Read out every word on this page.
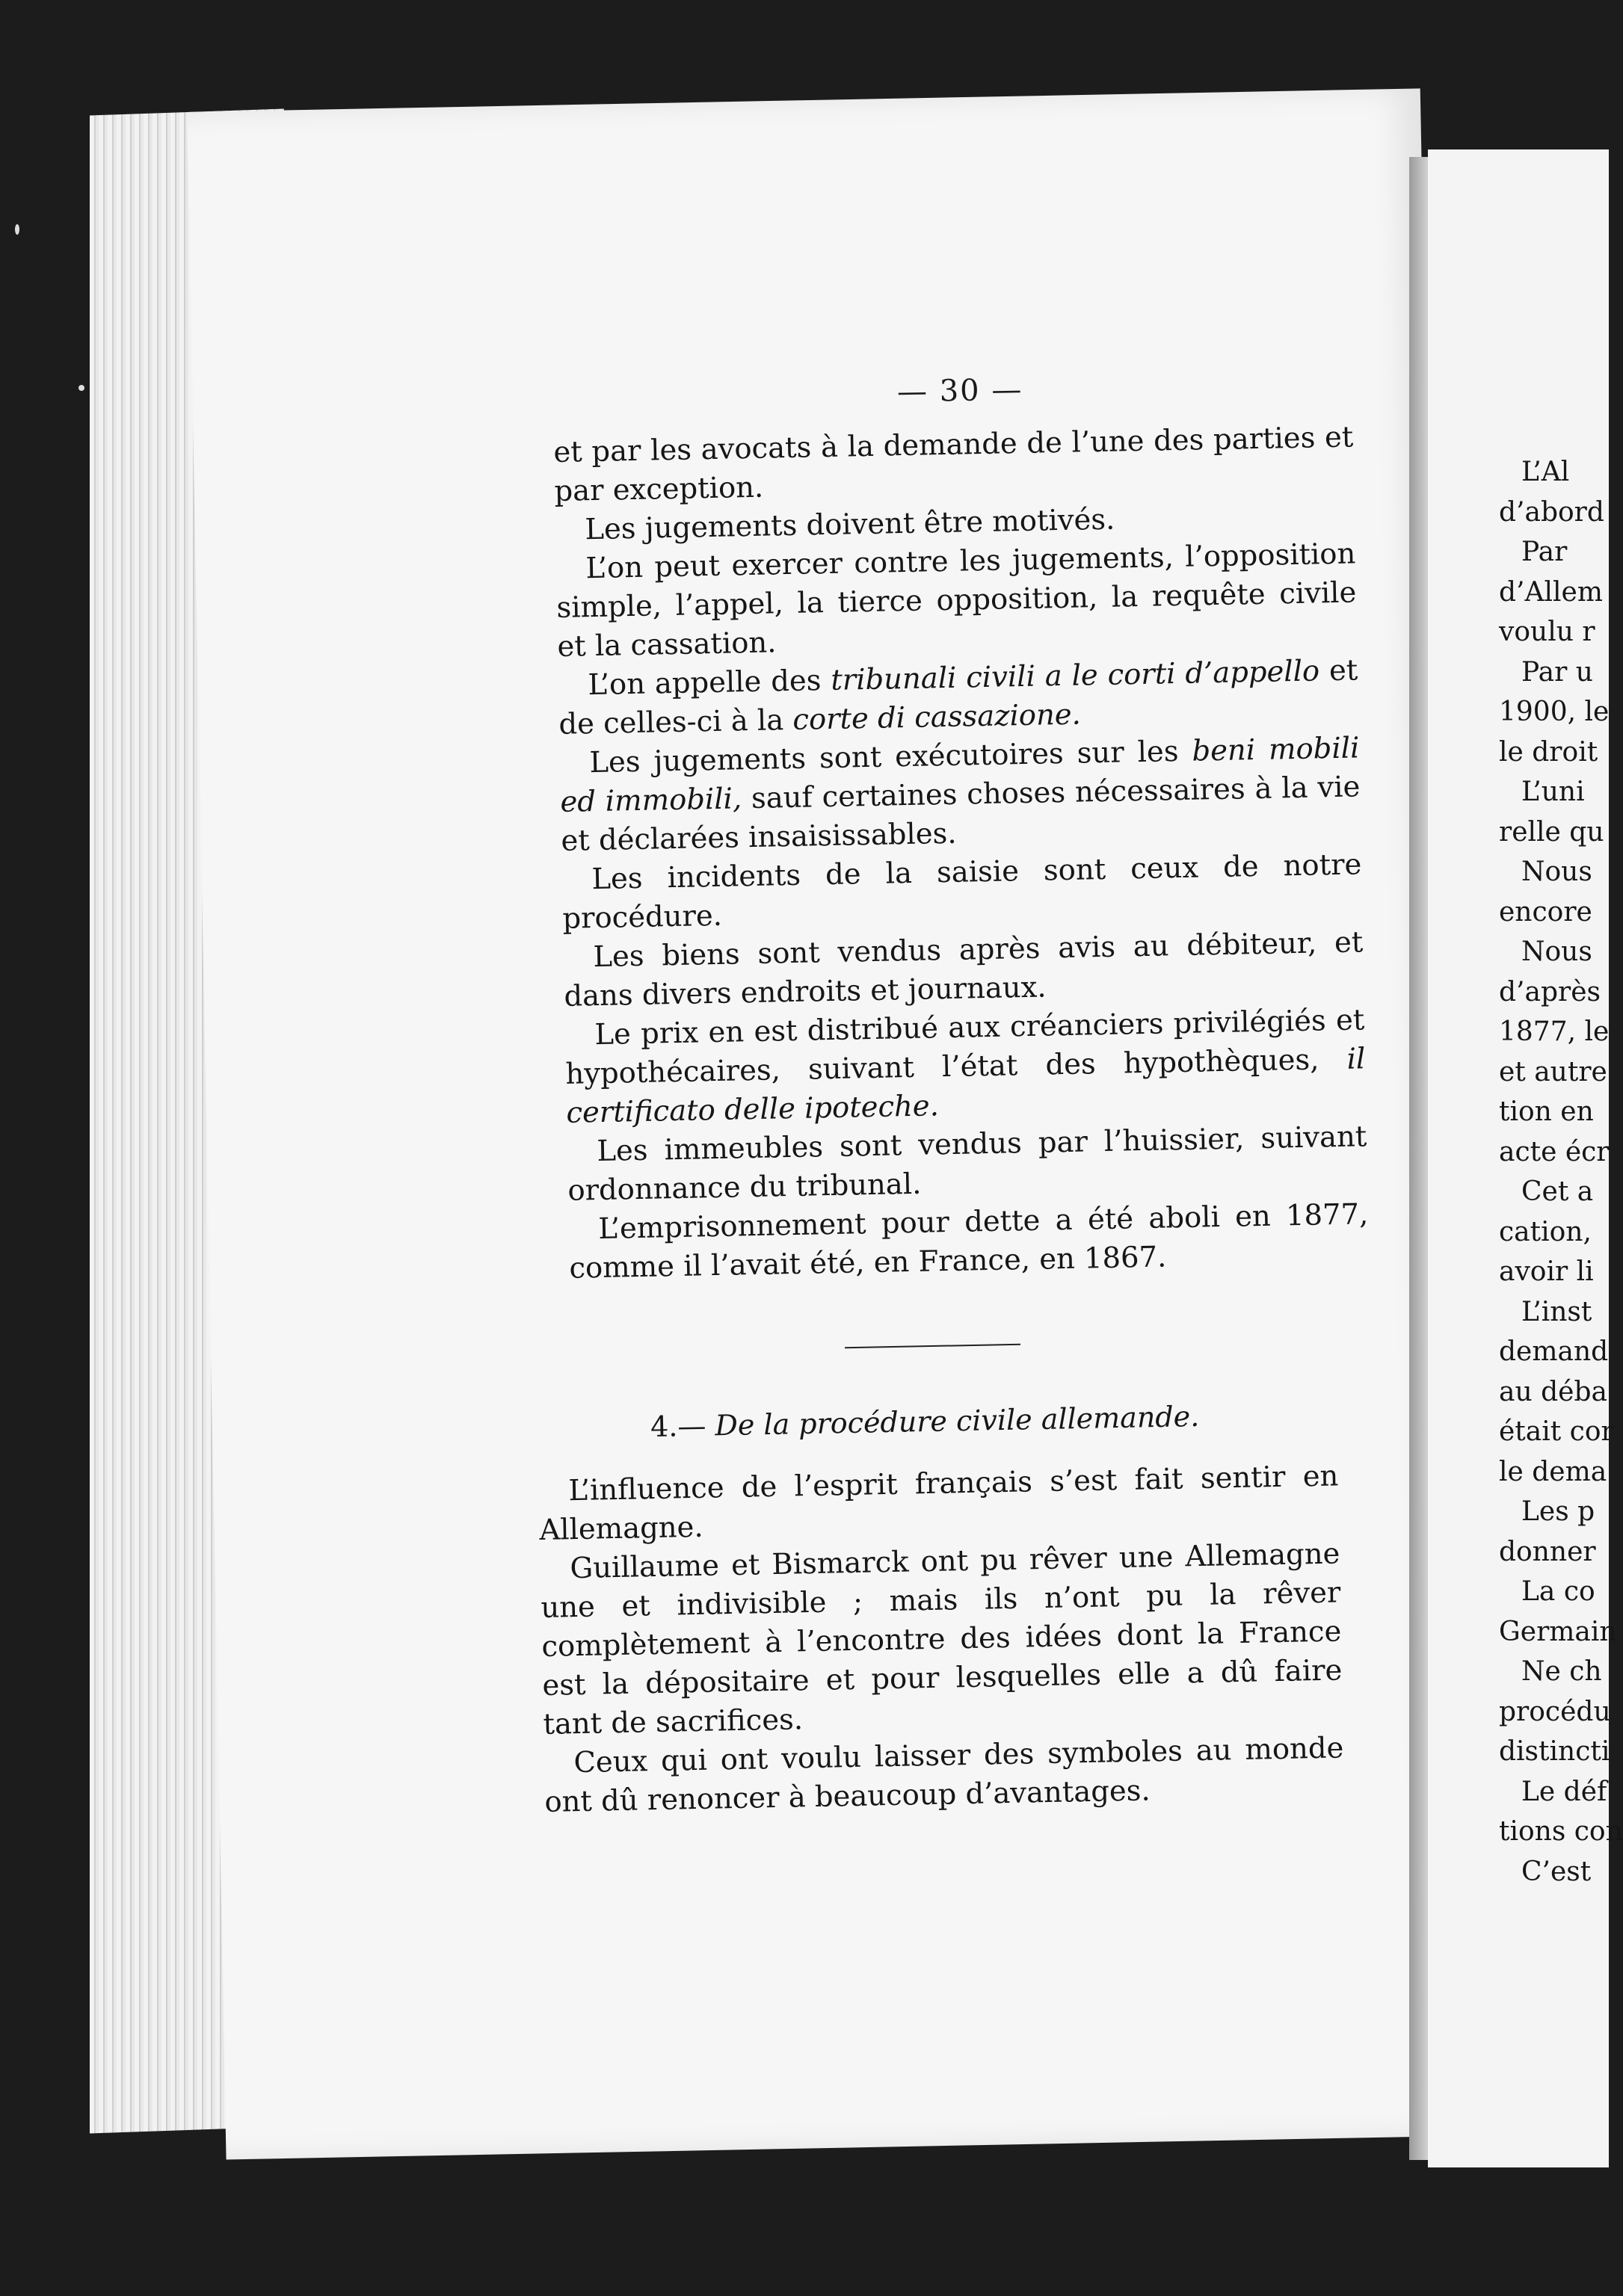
— 30 —

et par les avocats à la demande de l’une des parties et par exception.

Les jugements doivent être motivés.

L’on peut exercer contre les jugements, l’opposition simple, l’appel, la tierce opposition, la requête civile et la cassation.

L’on appelle des tribunali civili a le corti d’appello et de celles-ci à la corte di cassazione.

Les jugements sont exécutoires sur les beni mobili ed immobili, sauf certaines choses nécessaires à la vie et déclarées insaisissables.

Les incidents de la saisie sont ceux de notre procédure.

Les biens sont vendus après avis au débiteur, et dans divers endroits et journaux.

Le prix en est distribué aux créanciers privilégiés et hypothécaires, suivant l’état des hypothèques, il certificato delle ipoteche.

Les immeubles sont vendus par l’huissier, suivant ordonnance du tribunal.

L’emprisonnement pour dette a été aboli en 1877, comme il l’avait été, en France, en 1867.

4.— De la procédure civile allemande.

L’influence de l’esprit français s’est fait sentir en Allemagne.

Guillaume et Bismarck ont pu rêver une Allemagne une et indivisible ; mais ils n’ont pu la rêver complètement à l’encontre des idées dont la France est la dépositaire et pour lesquelles elle a dû faire tant de sacrifices.

Ceux qui ont voulu laisser des symboles au monde ont dû renoncer à beaucoup d’avantages.

L’Al
d’abord
Par
d’Allem
voulu r
Par u
1900, le
le droit
L’uni
relle qu
Nous
encore
Nous
d’après
1877, le
et autre
tion en
acte écr
Cet a
cation,
avoir li
L’inst
demand
au déba
était cor
le dema
Les p
donner
La co
Germain
Ne ch
procédu
distincti
Le déf
tions con
C’est
